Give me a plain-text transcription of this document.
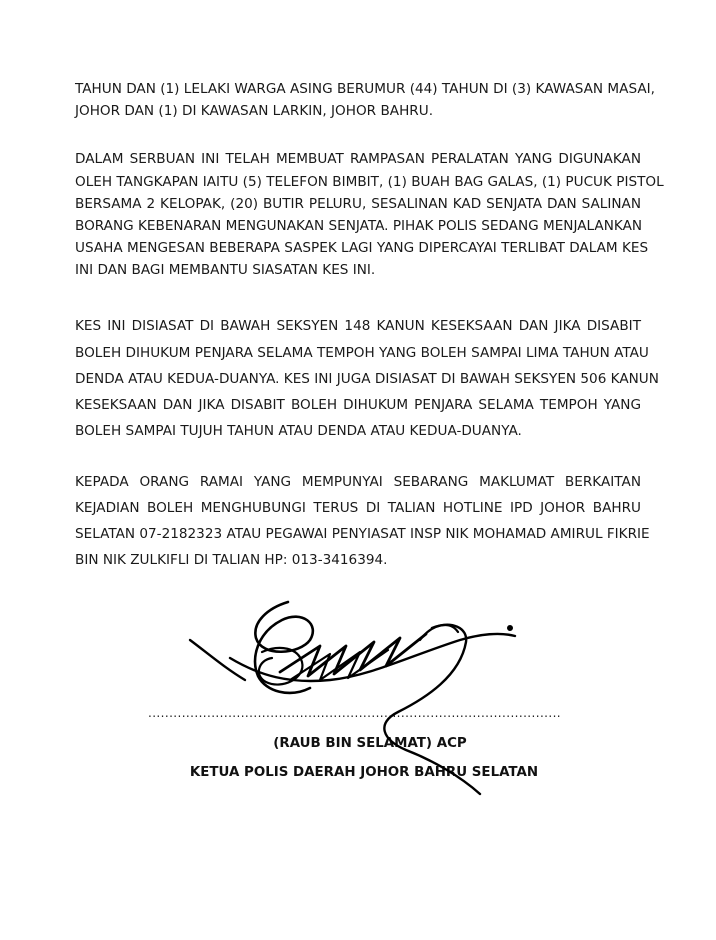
TAHUN DAN (1) LELAKI WARGA ASING BERUMUR (44) TAHUN DI (3) KAWASAN MASAI,
JOHOR DAN (1) DI KAWASAN LARKIN, JOHOR BAHRU.
DALAM SERBUAN INI TELAH MEMBUAT RAMPASAN PERALATAN YANG DIGUNAKAN
OLEH TANGKAPAN IAITU (5) TELEFON BIMBIT, (1) BUAH BAG GALAS, (1) PUCUK PISTOL
BERSAMA 2 KELOPAK, (20) BUTIR PELURU, SESALINAN KAD SENJATA DAN SALINAN
BORANG KEBENARAN MENGUNAKAN SENJATA. PIHAK POLIS SEDANG MENJALANKAN
USAHA MENGESAN BEBERAPA SASPEK LAGI YANG DIPERCAYAI TERLIBAT DALAM KES
INI DAN BAGI MEMBANTU SIASATAN KES INI.
KES INI DISIASAT DI BAWAH SEKSYEN 148 KANUN KESEKSAAN DAN JIKA DISABIT
BOLEH DIHUKUM PENJARA SELAMA TEMPOH YANG BOLEH SAMPAI LIMA TAHUN ATAU
DENDA ATAU KEDUA-DUANYA. KES INI JUGA DISIASAT DI BAWAH SEKSYEN 506 KANUN
KESEKSAAN DAN JIKA DISABIT BOLEH DIHUKUM PENJARA SELAMA TEMPOH YANG
BOLEH SAMPAI TUJUH TAHUN ATAU DENDA ATAU KEDUA-DUANYA.
KEPADA ORANG RAMAI YANG MEMPUNYAI SEBARANG MAKLUMAT BERKAITAN
KEJADIAN BOLEH MENGHUBUNGI TERUS DI TALIAN HOTLINE IPD JOHOR BAHRU
SELATAN 07-2182323 ATAU PEGAWAI PENYIASAT INSP NIK MOHAMAD AMIRUL FIKRIE
BIN NIK ZULKIFLI DI TALIAN HP: 013-3416394.
..................................................................................................
(RAUB BIN SELAMAT) ACP
KETUA POLIS DAERAH JOHOR BAHRU SELATAN
